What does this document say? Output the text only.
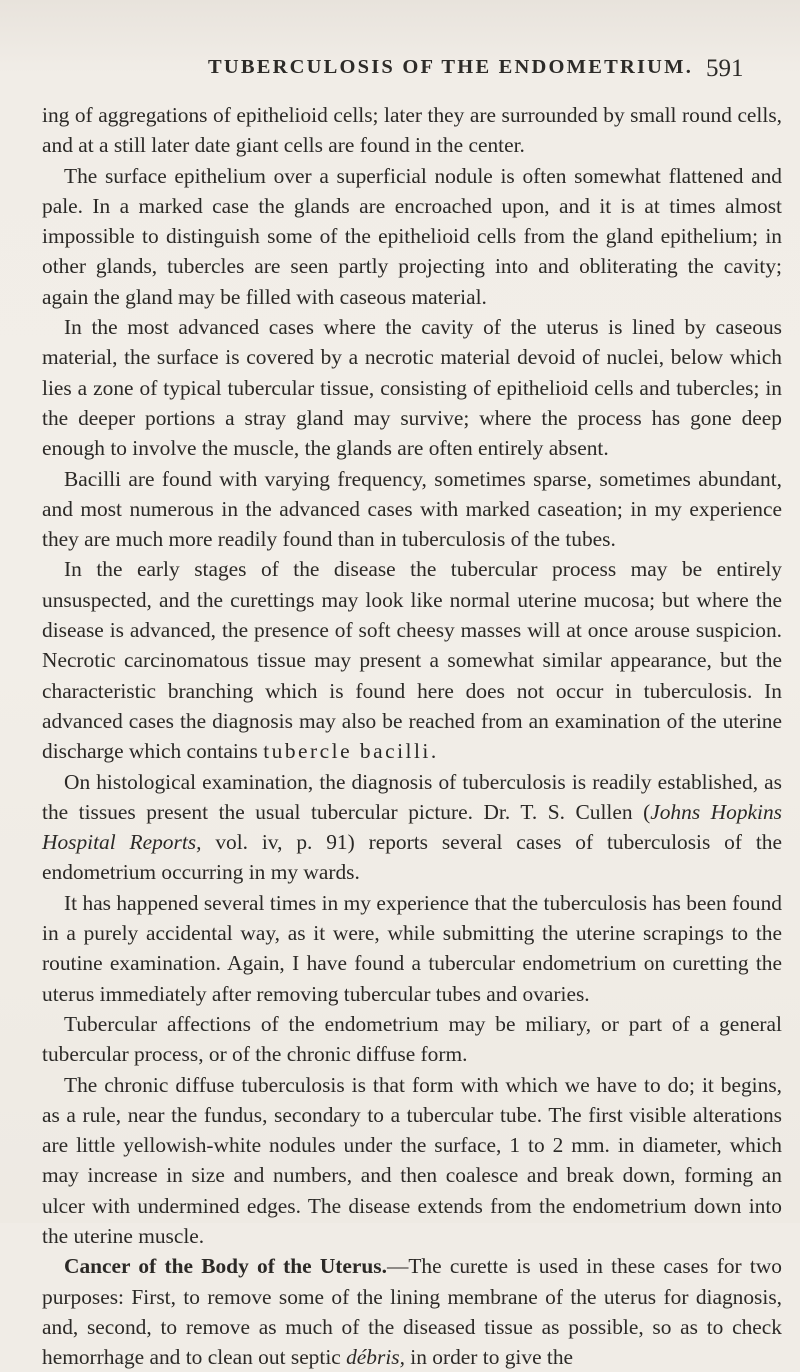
TUBERCULOSIS OF THE ENDOMETRIUM. 591

ing of aggregations of epithelioid cells; later they are surrounded by small round cells, and at a still later date giant cells are found in the center.

The surface epithelium over a superficial nodule is often somewhat flattened and pale. In a marked case the glands are encroached upon, and it is at times almost impossible to distinguish some of the epithelioid cells from the gland epithelium; in other glands, tubercles are seen partly projecting into and obliterating the cavity; again the gland may be filled with caseous material.

In the most advanced cases where the cavity of the uterus is lined by caseous material, the surface is covered by a necrotic material devoid of nuclei, below which lies a zone of typical tubercular tissue, consisting of epithelioid cells and tubercles; in the deeper portions a stray gland may survive; where the process has gone deep enough to involve the muscle, the glands are often entirely absent.

Bacilli are found with varying frequency, sometimes sparse, sometimes abundant, and most numerous in the advanced cases with marked caseation; in my experience they are much more readily found than in tuberculosis of the tubes.

In the early stages of the disease the tubercular process may be entirely unsuspected, and the curettings may look like normal uterine mucosa; but where the disease is advanced, the presence of soft cheesy masses will at once arouse suspicion. Necrotic carcinomatous tissue may present a somewhat similar appearance, but the characteristic branching which is found here does not occur in tuberculosis. In advanced cases the diagnosis may also be reached from an examination of the uterine discharge which contains tubercle bacilli.

On histological examination, the diagnosis of tuberculosis is readily established, as the tissues present the usual tubercular picture. Dr. T. S. Cullen (Johns Hopkins Hospital Reports, vol. iv, p. 91) reports several cases of tuberculosis of the endometrium occurring in my wards.

It has happened several times in my experience that the tuberculosis has been found in a purely accidental way, as it were, while submitting the uterine scrapings to the routine examination. Again, I have found a tubercular endometrium on curetting the uterus immediately after removing tubercular tubes and ovaries.

Tubercular affections of the endometrium may be miliary, or part of a general tubercular process, or of the chronic diffuse form.

The chronic diffuse tuberculosis is that form with which we have to do; it begins, as a rule, near the fundus, secondary to a tubercular tube. The first visible alterations are little yellowish-white nodules under the surface, 1 to 2 mm. in diameter, which may increase in size and numbers, and then coalesce and break down, forming an ulcer with undermined edges. The disease extends from the endometrium down into the uterine muscle.

Cancer of the Body of the Uterus.—The curette is used in these cases for two purposes: First, to remove some of the lining membrane of the uterus for diagnosis, and, second, to remove as much of the diseased tissue as possible, so as to check hemorrhage and to clean out septic débris, in order to give the
